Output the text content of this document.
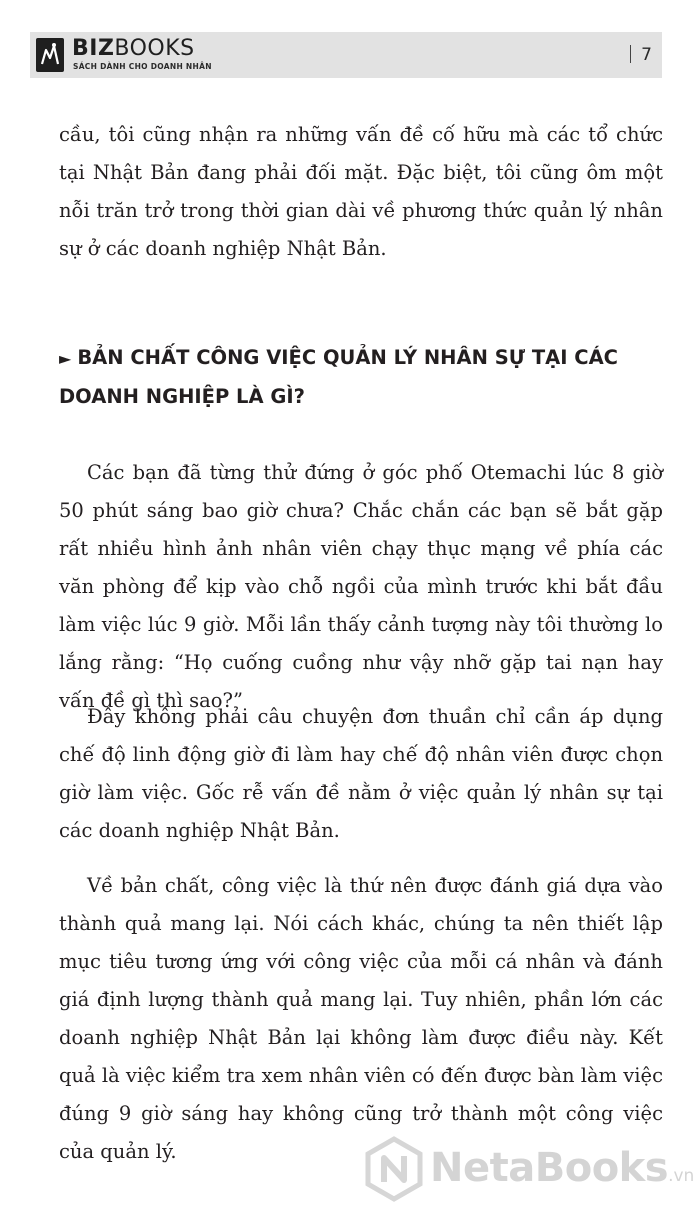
BIZBOOKS
SÁCH DÀNH CHO DOANH NHÂN
7

cầu, tôi cũng nhận ra những vấn đề cố hữu mà các tổ chức tại Nhật Bản đang phải đối mặt. Đặc biệt, tôi cũng ôm một nỗi trăn trở trong thời gian dài về phương thức quản lý nhân sự ở các doanh nghiệp Nhật Bản.

► BẢN CHẤT CÔNG VIỆC QUẢN LÝ NHÂN SỰ TẠI CÁC DOANH NGHIỆP LÀ GÌ?

Các bạn đã từng thử đứng ở góc phố Otemachi lúc 8 giờ 50 phút sáng bao giờ chưa? Chắc chắn các bạn sẽ bắt gặp rất nhiều hình ảnh nhân viên chạy thục mạng về phía các văn phòng để kịp vào chỗ ngồi của mình trước khi bắt đầu làm việc lúc 9 giờ. Mỗi lần thấy cảnh tượng này tôi thường lo lắng rằng: “Họ cuống cuồng như vậy nhỡ gặp tai nạn hay vấn đề gì thì sao?”

Đây không phải câu chuyện đơn thuần chỉ cần áp dụng chế độ linh động giờ đi làm hay chế độ nhân viên được chọn giờ làm việc. Gốc rễ vấn đề nằm ở việc quản lý nhân sự tại các doanh nghiệp Nhật Bản.

Về bản chất, công việc là thứ nên được đánh giá dựa vào thành quả mang lại. Nói cách khác, chúng ta nên thiết lập mục tiêu tương ứng với công việc của mỗi cá nhân và đánh giá định lượng thành quả mang lại. Tuy nhiên, phần lớn các doanh nghiệp Nhật Bản lại không làm được điều này. Kết quả là việc kiểm tra xem nhân viên có đến được bàn làm việc đúng 9 giờ sáng hay không cũng trở thành một công việc của quản lý.	NetaBooks.vn
